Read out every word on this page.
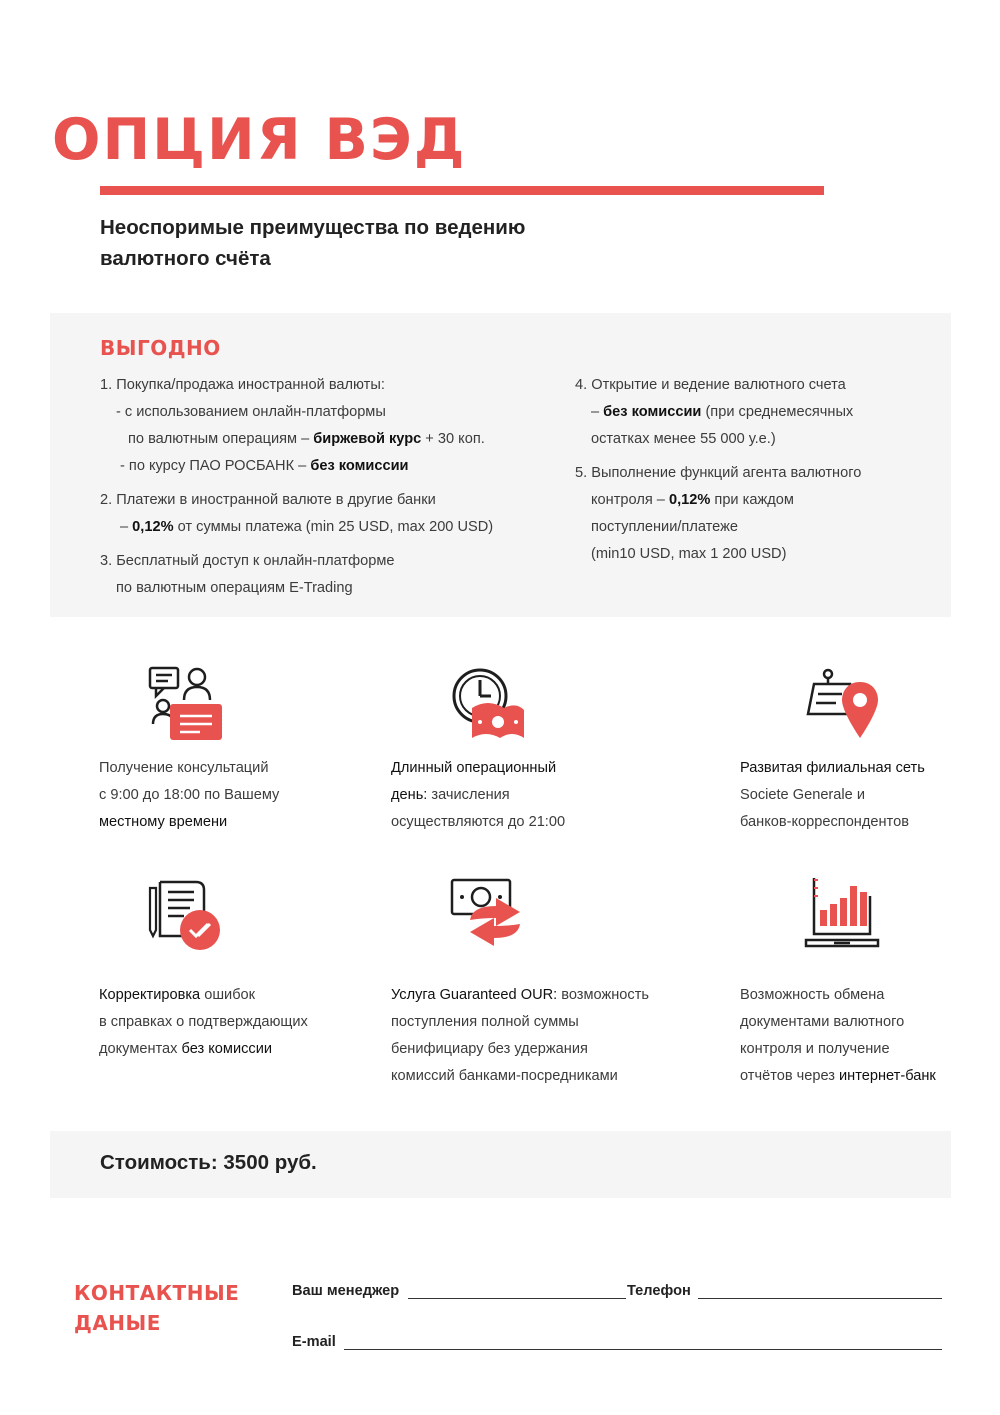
ОПЦИЯ ВЭД
Неоспоримые преимущества по ведению
валютного счёта
ВЫГОДНО
1. Покупка/продажа иностранной валюты:
- с использованием онлайн-платформы
по валютным операциям – биржевой курс + 30 коп.
- по курсу ПАО РОСБАНК – без комиссии
2. Платежи в иностранной валюте в другие банки
– 0,12% от суммы платежа (min 25 USD, max 200 USD)
3. Бесплатный доступ к онлайн-платформе
по валютным операциям E-Trading
4. Открытие и ведение валютного счета
– без комиссии (при среднемесячных
остатках менее 55 000 у.е.)
5. Выполнение функций агента валютного
контроля – 0,12% при каждом
поступлении/платеже
(min10 USD, max 1 200 USD)
Получение консультаций
с 9:00 до 18:00 по Вашему
местному времени
Длинный операционный
день: зачисления
осуществляются до 21:00
Развитая филиальная сеть
Societe Generale и
банков-корреспондентов
Корректировка ошибок
в справках о подтверждающих
документах без комиссии
Услуга Guaranteed OUR: возможность
поступления полной суммы
бенифициару без удержания
комиссий банками-посредниками
Возможность обмена
документами валютного
контроля и получение
отчётов через интернет-банк
Стоимость: 3500 руб.
КОНТАКТНЫЕ
ДАНЫЕ
Ваш менеджер	Телефон
E-mail
